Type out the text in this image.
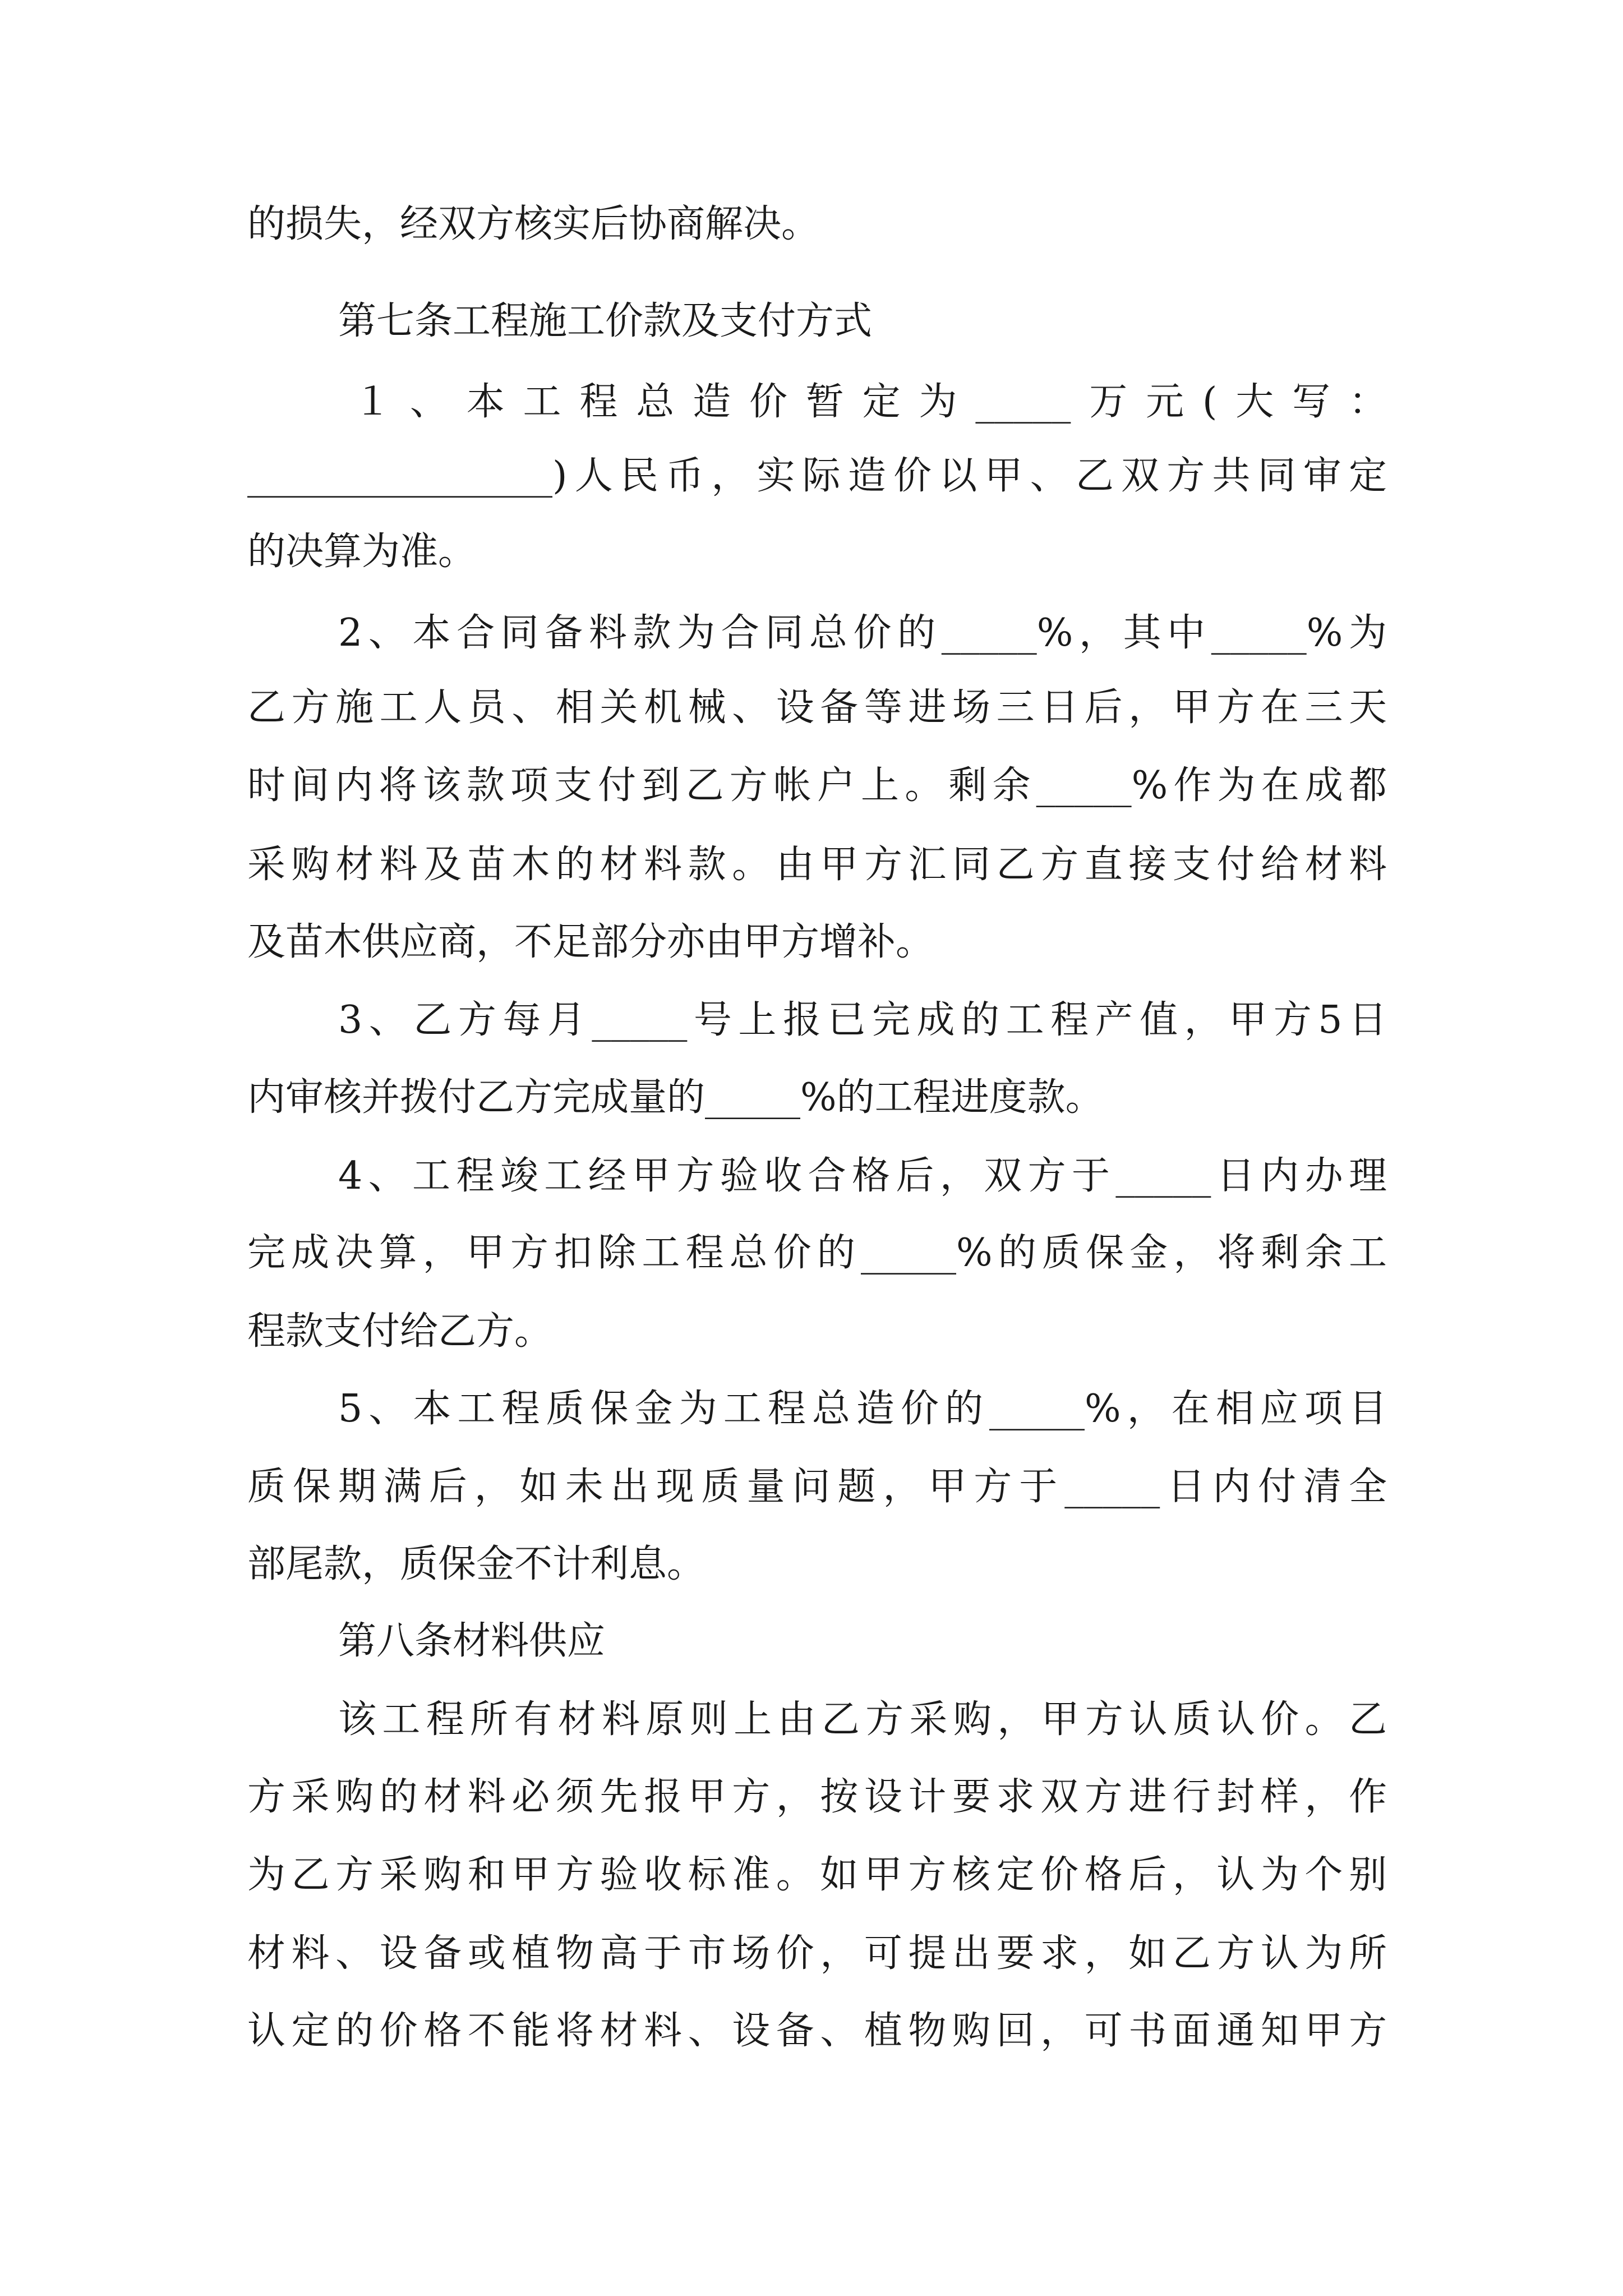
的损失，经双方核实后协商解决。
第七条工程施工价款及支付方式
１、本工程总造价暂定为_____万元(大写：
________________)人民币，实际造价以甲、乙双方共同审定
的决算为准。
2、本合同备料款为合同总价的_____%，其中_____%为
乙方施工人员、相关机械、设备等进场三日后，甲方在三天
时间内将该款项支付到乙方帐户上。剩余_____%作为在成都
采购材料及苗木的材料款。由甲方汇同乙方直接支付给材料
及苗木供应商，不足部分亦由甲方增补。
3、乙方每月_____号上报已完成的工程产值，甲方5日
内审核并拨付乙方完成量的_____%的工程进度款。
4、工程竣工经甲方验收合格后，双方于_____日内办理
完成决算，甲方扣除工程总价的_____%的质保金，将剩余工
程款支付给乙方。
5、本工程质保金为工程总造价的_____%，在相应项目
质保期满后，如未出现质量问题，甲方于_____日内付清全
部尾款，质保金不计利息。
第八条材料供应
该工程所有材料原则上由乙方采购，甲方认质认价。乙
方采购的材料必须先报甲方，按设计要求双方进行封样，作
为乙方采购和甲方验收标准。如甲方核定价格后，认为个别
材料、设备或植物高于市场价，可提出要求，如乙方认为所
认定的价格不能将材料、设备、植物购回，可书面通知甲方
